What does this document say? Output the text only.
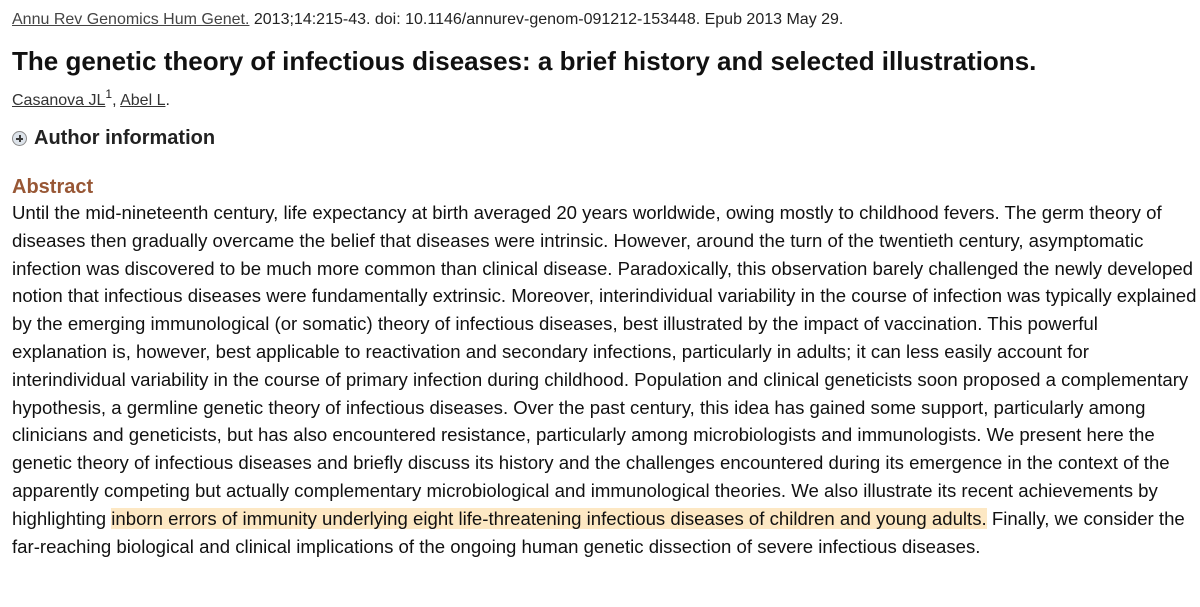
Annu Rev Genomics Hum Genet. 2013;14:215-43. doi: 10.1146/annurev-genom-091212-153448. Epub 2013 May 29.
The genetic theory of infectious diseases: a brief history and selected illustrations.
Casanova $JL^1$, Abel L.
Author information
Abstract

Until the mid-nineteenth century, life expectancy at birth averaged 20 years worldwide, owing mostly to childhood fevers. The germ theory of diseases then gradually overcame the belief that diseases were intrinsic. However, around the turn of the twentieth century, asymptomatic infection was discovered to be much more common than clinical disease. Paradoxically, this observation barely challenged the newly developed notion that infectious diseases were fundamentally extrinsic. Moreover, interindividual variability in the course of infection was typically explained by the emerging immunological (or somatic) theory of infectious diseases, best illustrated by the impact of vaccination. This powerful explanation is, however, best applicable to reactivation and secondary infections, particularly in adults; it can less easily account for interindividual variability in the course of primary infection during childhood. Population and clinical geneticists soon proposed a complementary hypothesis, a germline genetic theory of infectious diseases. Over the past century, this idea has gained some support, particularly among clinicians and geneticists, but has also encountered resistance, particularly among microbiologists and immunologists. We present here the genetic theory of infectious diseases and briefly discuss its history and the challenges encountered during its emergence in the context of the apparently competing but actually complementary microbiological and immunological theories. We also illustrate its recent achievements by highlighting inborn errors of immunity underlying eight life-threatening infectious diseases of children and young adults. Finally, we consider the far-reaching biological and clinical implications of the ongoing human genetic dissection of severe infectious diseases.
